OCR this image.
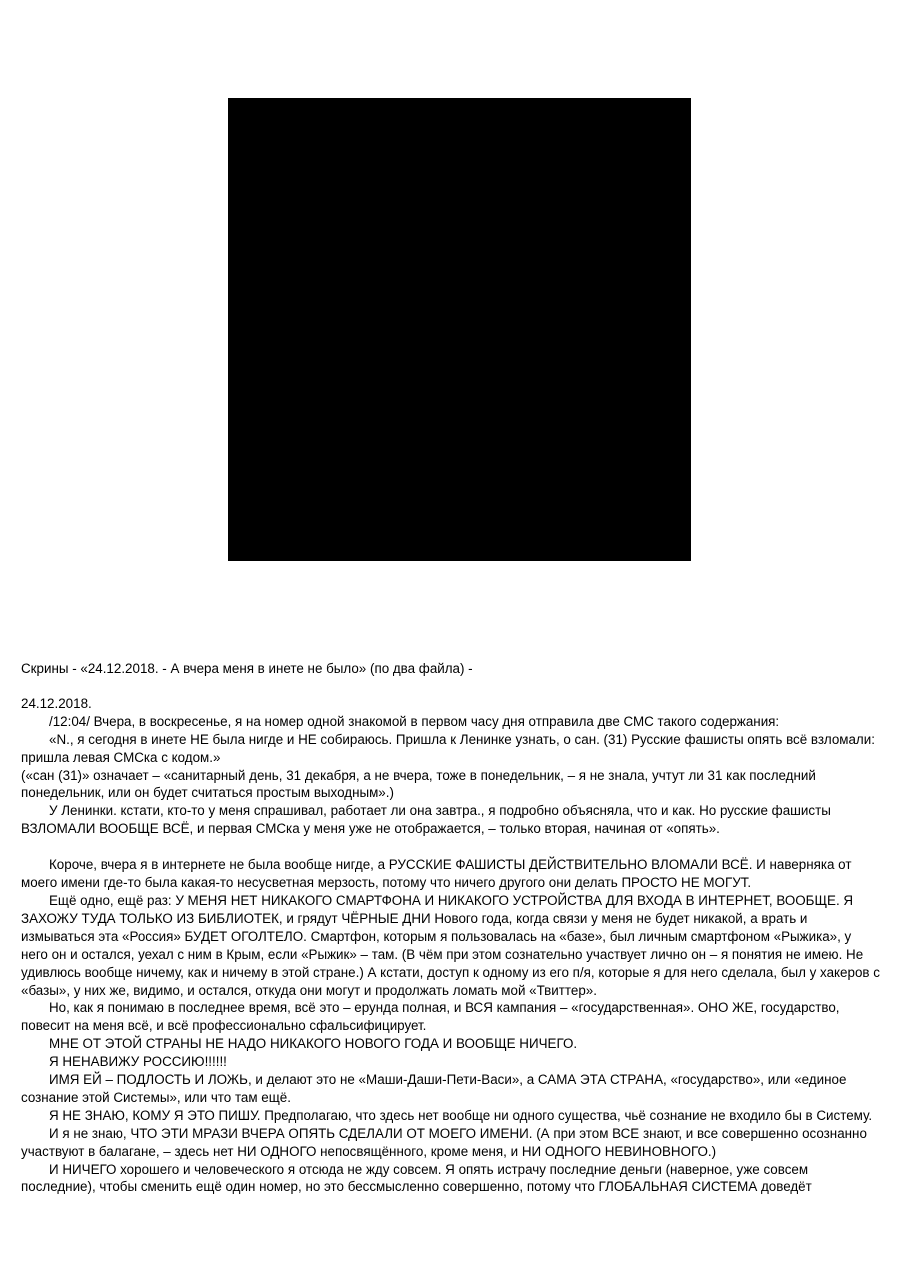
Скрины - «24.12.2018. - А вчера меня в инете не было» (по два файла) -
24.12.2018.

/12:04/ Вчера, в воскресенье, я на номер одной знакомой в первом часу дня отправила две СМС такого содержания:

«N., я сегодня в инете НЕ была нигде и НЕ собираюсь. Пришла к Ленинке узнать, о сан. (31) Русские фашисты опять всё взломали: пришла левая СМСка с кодом.»

(«сан (31)» означает – «санитарный день, 31 декабря, а не вчера, тоже в понедельник, – я не знала, учтут ли 31 как последний понедельник, или он будет считаться простым выходным».)

У Ленинки. кстати, кто-то у меня спрашивал, работает ли она завтра., я подробно объясняла, что и как. Но русские фашисты ВЗЛОМАЛИ ВООБЩЕ ВСЁ, и первая СМСка у меня уже не отображается, – только вторая, начиная от «опять».

Короче, вчера я в интернете не была вообще нигде, а РУССКИЕ ФАШИСТЫ ДЕЙСТВИТЕЛЬНО ВЛОМАЛИ ВСЁ. И наверняка от моего имени где-то была какая-то несусветная мерзость, потому что ничего другого они делать ПРОСТО НЕ МОГУТ.

Ещё одно, ещё раз: У МЕНЯ НЕТ НИКАКОГО СМАРТФОНА И НИКАКОГО УСТРОЙСТВА ДЛЯ ВХОДА В ИНТЕРНЕТ, ВООБЩЕ. Я ЗАХОЖУ ТУДА ТОЛЬКО ИЗ БИБЛИОТЕК, и грядут ЧЁРНЫЕ ДНИ Нового года, когда связи у меня не будет никакой, а врать и измываться эта «Россия» БУДЕТ ОГОЛТЕЛО. Смартфон, которым я пользовалась на «базе», был личным смартфоном «Рыжика», у него он и остался, уехал с ним в Крым, если «Рыжик» – там. (В чём при этом сознательно участвует лично он – я понятия не имею. Не удивлюсь вообще ничему, как и ничему в этой стране.) А кстати, доступ к одному из его п/я, которые я для него сделала, был у хакеров с «базы», у них же, видимо, и остался, откуда они могут и продолжать ломать мой «Твиттер».

Но, как я понимаю в последнее время, всё это – ерунда полная, и ВСЯ кампания – «государственная». ОНО ЖЕ, государство, повесит на меня всё, и всё профессионально сфальсифицирует.

МНЕ ОТ ЭТОЙ СТРАНЫ НЕ НАДО НИКАКОГО НОВОГО ГОДА И ВООБЩЕ НИЧЕГО.

Я НЕНАВИЖУ РОССИЮ!!!!!!

ИМЯ ЕЙ – ПОДЛОСТЬ И ЛОЖЬ, и делают это не «Маши-Даши-Пети-Васи», а САМА ЭТА СТРАНА, «государство», или «единое сознание этой Системы», или что там ещё.

Я НЕ ЗНАЮ, КОМУ Я ЭТО ПИШУ. Предполагаю, что здесь нет вообще ни одного существа, чьё сознание не входило бы в Систему.

И я не знаю, ЧТО ЭТИ МРАЗИ ВЧЕРА ОПЯТЬ СДЕЛАЛИ ОТ МОЕГО ИМЕНИ. (А при этом ВСЕ знают, и все совершенно осознанно участвуют в балагане, – здесь нет НИ ОДНОГО непосвящённого, кроме меня, и НИ ОДНОГО НЕВИНОВНОГО.)

И НИЧЕГО хорошего и человеческого я отсюда не жду совсем. Я опять истрачу последние деньги (наверное, уже совсем последние), чтобы сменить ещё один номер, но это бессмысленно совершенно, потому что ГЛОБАЛЬНАЯ СИСТЕМА доведёт
